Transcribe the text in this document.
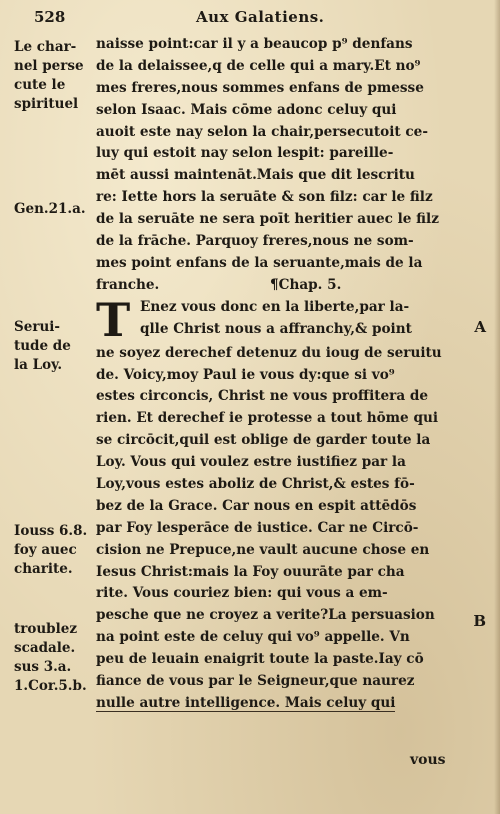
528	Aux Galatiens.
Le char-
nel perse
cute le
spirituel
Gen.21.a.
Serui-
tude de
la Loy.
Iouss 6.8.
foy auec
charite.
troublez
scadale.
sus 3.a.
1.Cor.5.b.
A
B
naisse point:car il y a beaucop p⁹ denfans
de la delaissee,q de celle qui a mary.Et no⁹
mes freres,nous sommes enfans de pmesse
selon Isaac. Mais cōme adonc celuy qui
auoit este nay selon la chair,persecutoit ce-
luy qui estoit nay selon lespit: pareille-
mēt aussi maintenāt.Mais que dit lescritu
re: Iette hors la seruāte & son filz: car le filz
de la seruāte ne sera poīt heritier auec le filz
de la frāche. Parquoy freres,nous ne som-
mes point enfans de la seruante,mais de la
franche.	¶Chap. 5.
T Enez vous donc en la liberte,par la-
qlle Christ nous a affranchy,& point
ne soyez derechef detenuz du ioug de seruitu
de. Voicy,moy Paul ie vous dy:que si vo⁹
estes circoncis, Christ ne vous proffitera de
rien. Et derechef ie protesse a tout hōme qui
se circōcit,quil est oblige de garder toute la
Loy. Vous qui voulez estre iustifiez par la
Loy,vous estes aboliz de Christ,& estes fō-
bez de la Grace. Car nous en espit attēdōs
par Foy lesperāce de iustice. Car ne Circō-
cision ne Prepuce,ne vault aucune chose en
Iesus Christ:mais la Foy ouurāte par cha
rite. Vous couriez bien: qui vous a em-
pesche que ne croyez a verite?La persuasion
na point este de celuy qui vo⁹ appelle. Vn
peu de leuain enaigrit toute la paste.Iay cō
fiance de vous par le Seigneur,que naurez
nulle autre intelligence. Mais celuy qui
vous
